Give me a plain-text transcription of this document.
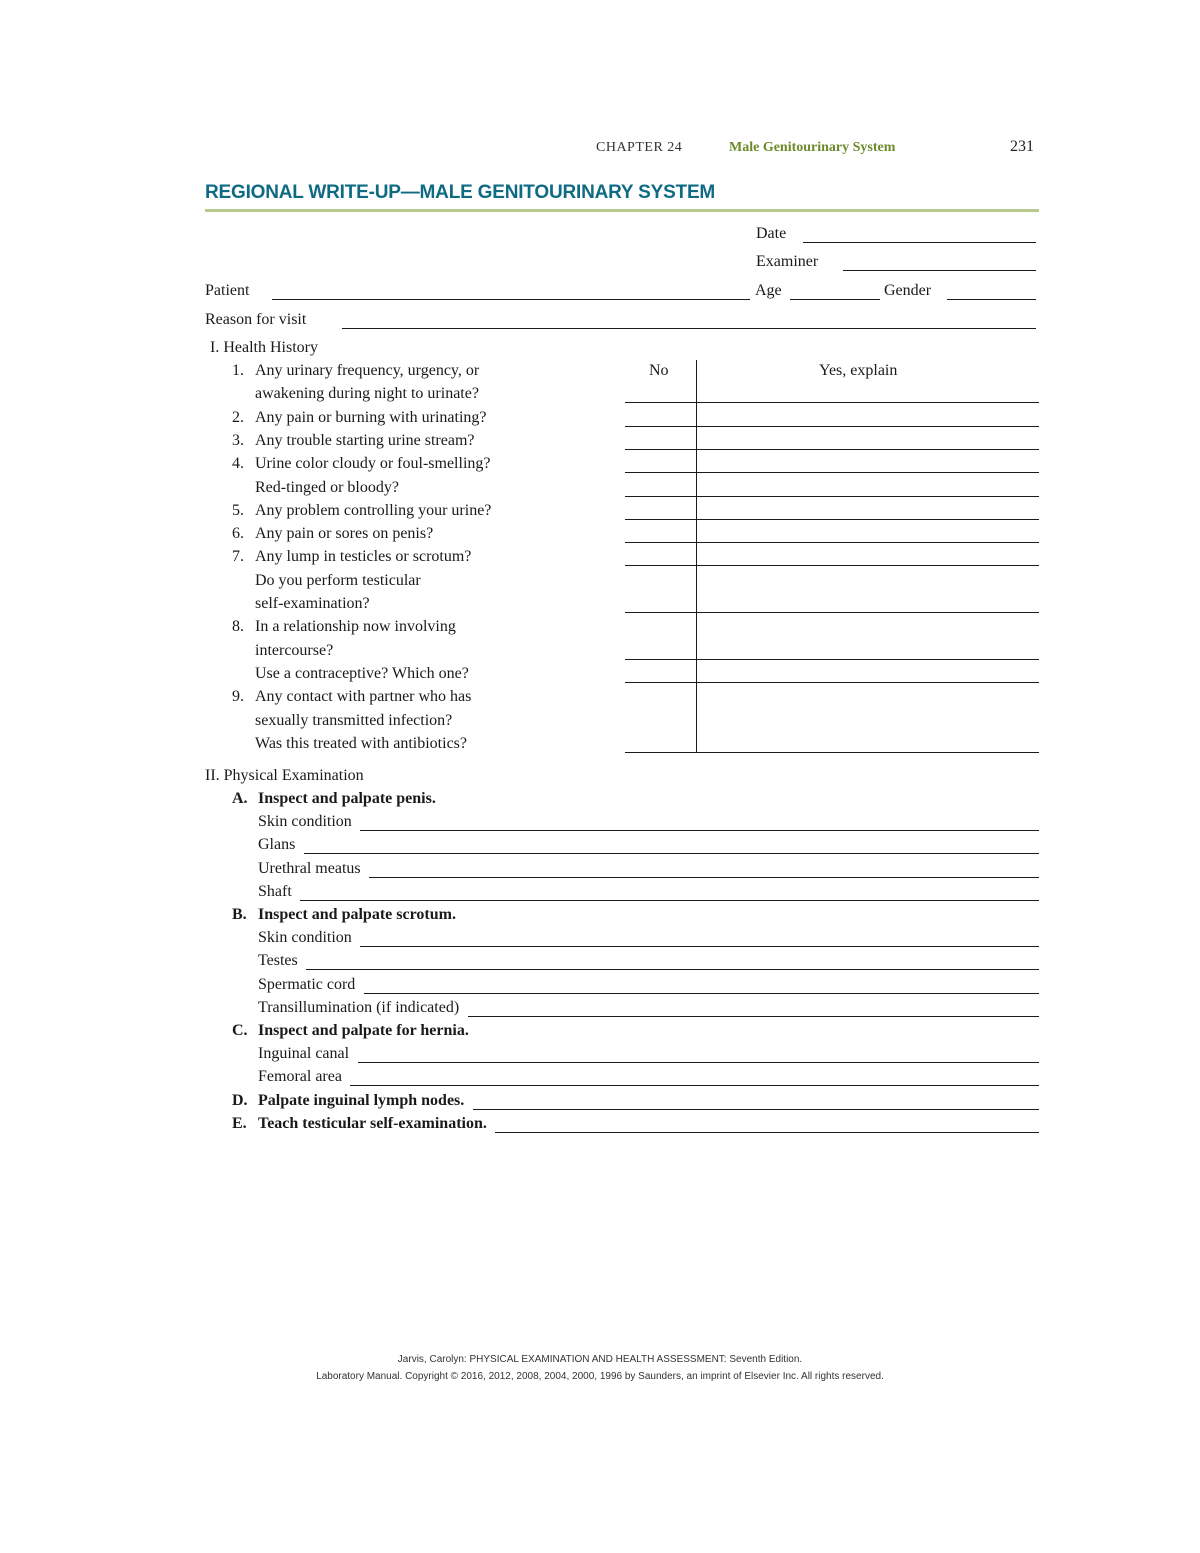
CHAPTER 24	Male Genitourinary System	231
REGIONAL WRITE-UP—MALE GENITOURINARY SYSTEM
Date
Examiner
Patient	Age	Gender
Reason for visit
I. Health History
No	Yes, explain
1. Any urinary frequency, urgency, or
awakening during night to urinate?
2. Any pain or burning with urinating?
3. Any trouble starting urine stream?
4. Urine color cloudy or foul-smelling?
Red-tinged or bloody?
5. Any problem controlling your urine?
6. Any pain or sores on penis?
7. Any lump in testicles or scrotum?
Do you perform testicular
self-examination?
8. In a relationship now involving
intercourse?
Use a contraceptive? Which one?
9. Any contact with partner who has
sexually transmitted infection?
Was this treated with antibiotics?
II. Physical Examination
A. Inspect and palpate penis.
Skin condition
Glans
Urethral meatus
Shaft
B. Inspect and palpate scrotum.
Skin condition
Testes
Spermatic cord
Transillumination (if indicated)
C. Inspect and palpate for hernia.
Inguinal canal
Femoral area
D. Palpate inguinal lymph nodes.
E. Teach testicular self-examination.
Jarvis, Carolyn: PHYSICAL EXAMINATION AND HEALTH ASSESSMENT: Seventh Edition.
Laboratory Manual. Copyright © 2016, 2012, 2008, 2004, 2000, 1996 by Saunders, an imprint of Elsevier Inc. All rights reserved.
